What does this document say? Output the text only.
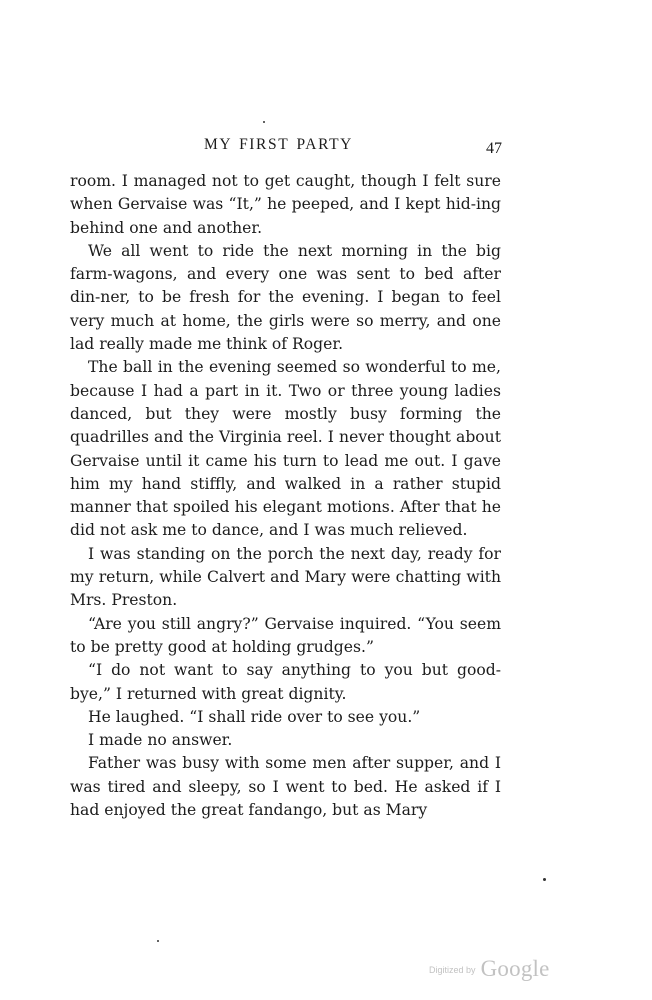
MY FIRST PARTY	47

room. I managed not to get caught, though I felt sure when Gervaise was “It,” he peeped, and I kept hid-ing behind one and another.

We all went to ride the next morning in the big farm-wagons, and every one was sent to bed after din-ner, to be fresh for the evening. I began to feel very much at home, the girls were so merry, and one lad really made me think of Roger.

The ball in the evening seemed so wonderful to me, because I had a part in it. Two or three young ladies danced, but they were mostly busy forming the quadrilles and the Virginia reel. I never thought about Gervaise until it came his turn to lead me out. I gave him my hand stiffly, and walked in a rather stupid manner that spoiled his elegant motions. After that he did not ask me to dance, and I was much relieved.

I was standing on the porch the next day, ready for my return, while Calvert and Mary were chatting with Mrs. Preston.

“Are you still angry?” Gervaise inquired. “You seem to be pretty good at holding grudges.”

“I do not want to say anything to you but good-bye,” I returned with great dignity.

He laughed. “I shall ride over to see you.”

I made no answer.

Father was busy with some men after supper, and I was tired and sleepy, so I went to bed. He asked if I had enjoyed the great fandango, but as Mary

Digitized by Google
